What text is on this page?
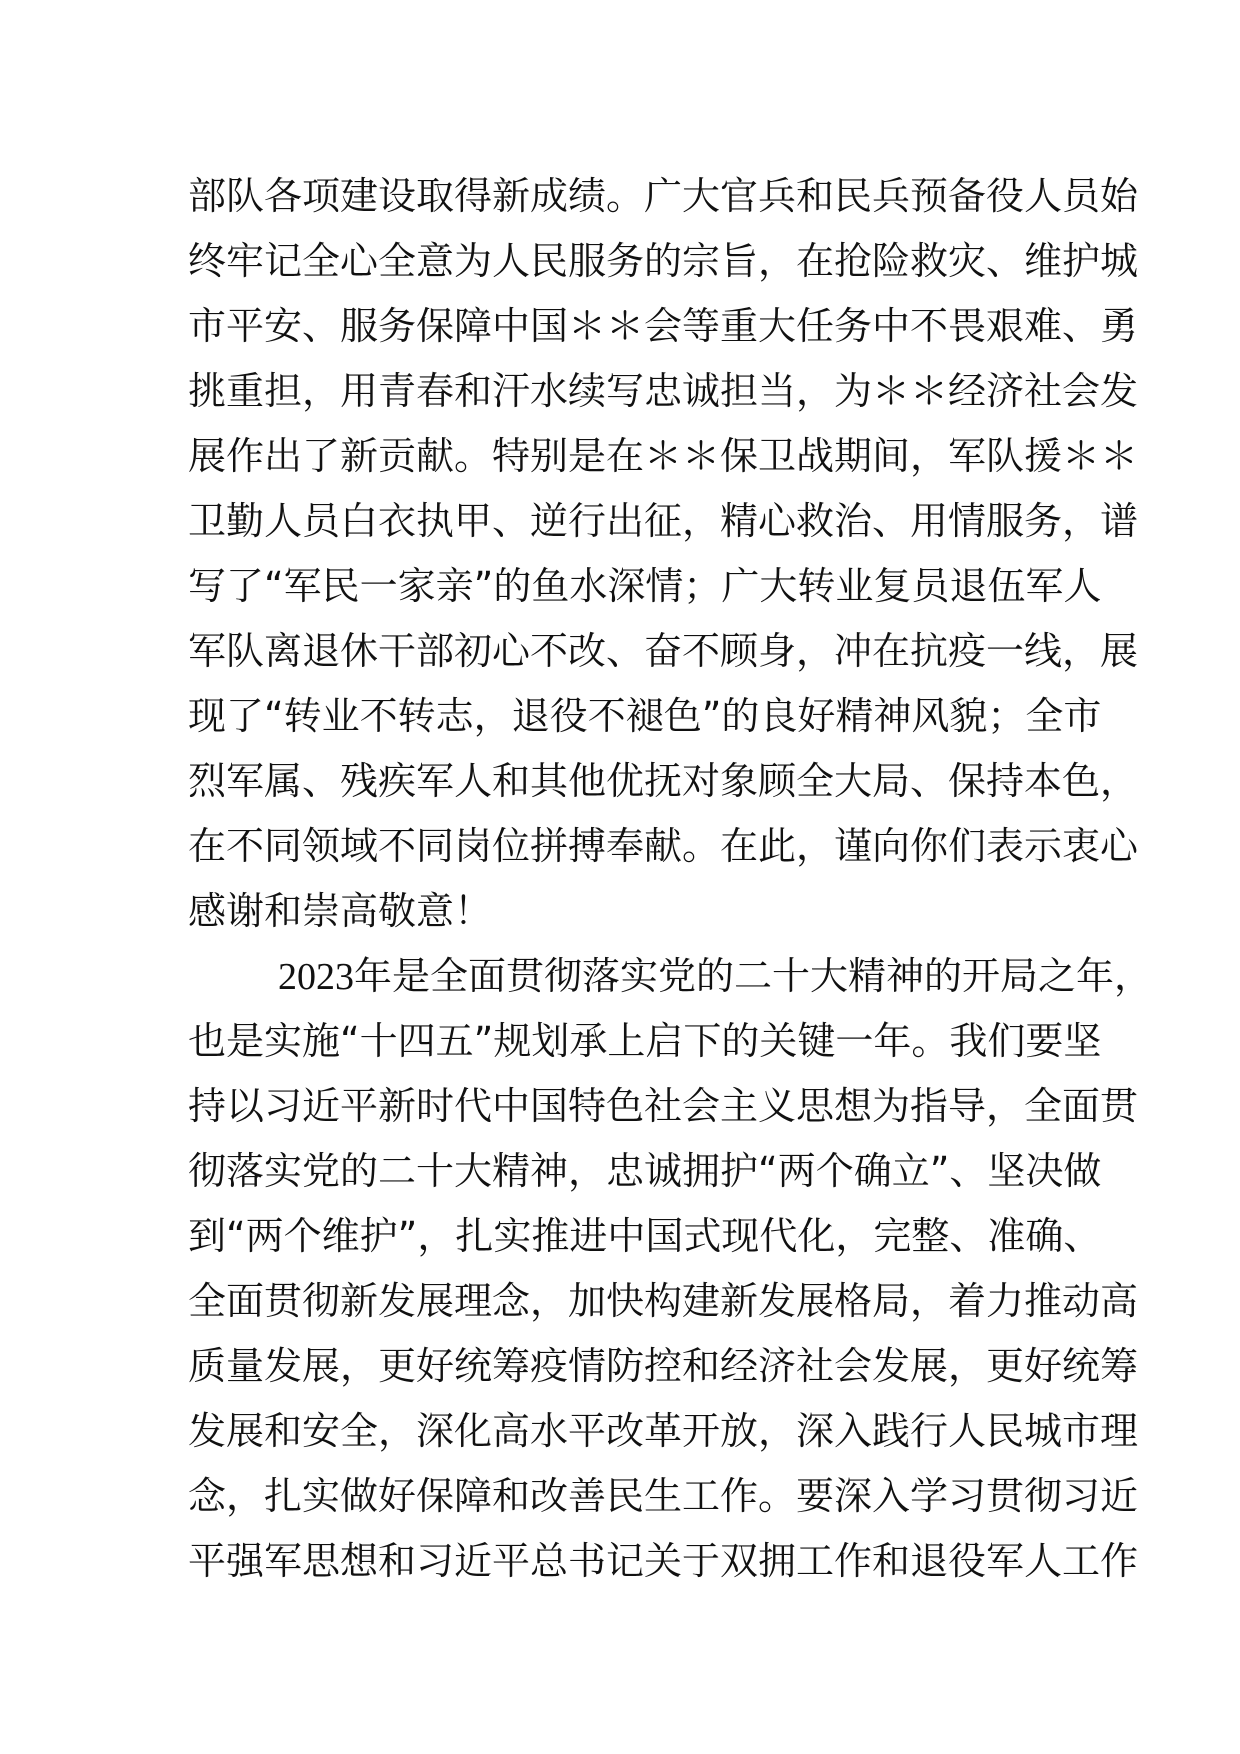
部队各项建设取得新成绩。广大官兵和民兵预备役人员始
终牢记全心全意为人民服务的宗旨，在抢险救灾、维护城
市平安、服务保障中国＊＊会等重大任务中不畏艰难、勇
挑重担，用青春和汗水续写忠诚担当，为＊＊经济社会发
展作出了新贡献。特别是在＊＊保卫战期间，军队援＊＊
卫勤人员白衣执甲、逆行出征，精心救治、用情服务，谱
写了“军民一家亲”的鱼水深情；广大转业复员退伍军人
军队离退休干部初心不改、奋不顾身，冲在抗疫一线，展
现了“转业不转志，退役不褪色”的良好精神风貌；全市
烈军属、残疾军人和其他优抚对象顾全大局、保持本色，
在不同领域不同岗位拼搏奉献。在此，谨向你们表示衷心
感谢和崇高敬意！
2023年是全面贯彻落实党的二十大精神的开局之年，
也是实施“十四五”规划承上启下的关键一年。我们要坚
持以习近平新时代中国特色社会主义思想为指导，全面贯
彻落实党的二十大精神，忠诚拥护“两个确立”、坚决做
到“两个维护”，扎实推进中国式现代化，完整、准确、
全面贯彻新发展理念，加快构建新发展格局，着力推动高
质量发展，更好统筹疫情防控和经济社会发展，更好统筹
发展和安全，深化高水平改革开放，深入践行人民城市理
念，扎实做好保障和改善民生工作。要深入学习贯彻习近
平强军思想和习近平总书记关于双拥工作和退役军人工作
